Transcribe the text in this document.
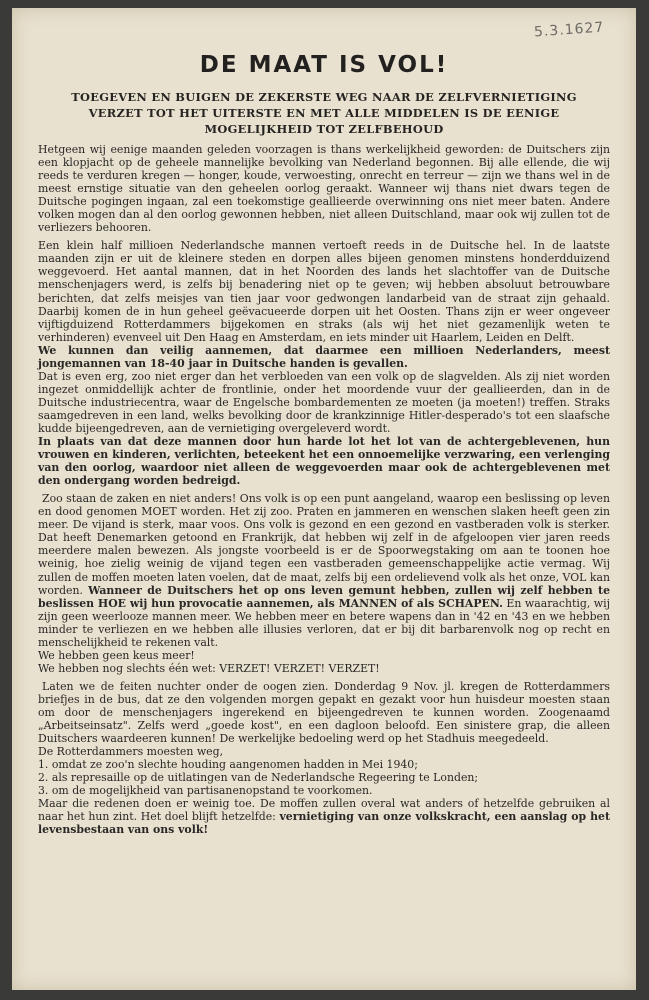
5.3.1627
DE MAAT IS VOL!
TOEGEVEN EN BUIGEN DE ZEKERSTE WEG NAAR DE ZELFVERNIETIGING
VERZET TOT HET UITERSTE EN MET ALLE MIDDELEN IS DE EENIGE
MOGELIJKHEID TOT ZELFBEHOUD

Hetgeen wij eenige maanden geleden voorzagen is thans werkelijkheid geworden: de Duitschers zijn een klopjacht op de geheele mannelijke bevolking van Nederland begonnen. Bij alle ellende, die wij reeds te verduren kregen — honger, koude, verwoesting, onrecht en terreur — zijn we thans wel in de meest ernstige situatie van den geheelen oorlog geraakt. Wanneer wij thans niet dwars tegen de Duitsche pogingen ingaan, zal een toekomstige geallieerde overwinning ons niet meer baten. Andere volken mogen dan al den oorlog gewonnen hebben, niet alleen Duitschland, maar ook wij zullen tot de verliezers behooren.

Een klein half millioen Nederlandsche mannen vertoeft reeds in de Duitsche hel. In de laatste maanden zijn er uit de kleinere steden en dorpen alles bijeen genomen minstens honderdduizend weggevoerd. Het aantal mannen, dat in het Noorden des lands het slachtoffer van de Duitsche menschenjagers werd, is zelfs bij benadering niet op te geven; wij hebben absoluut betrouwbare berichten, dat zelfs meisjes van tien jaar voor gedwongen landarbeid van de straat zijn gehaald. Daarbij komen de in hun geheel geëvacueerde dorpen uit het Oosten. Thans zijn er weer ongeveer vijftigduizend Rotterdammers bijgekomen en straks (als wij het niet gezamenlijk weten te verhinderen) evenveel uit Den Haag en Amsterdam, en iets minder uit Haarlem, Leiden en Delft.

We kunnen dan veilig aannemen, dat daarmee een millioen Nederlanders, meest jongemannen van 18-40 jaar in Duitsche handen is gevallen.

Dat is even erg, zoo niet erger dan het verbloeden van een volk op de slagvelden. Als zij niet worden ingezet onmiddellijk achter de frontlinie, onder het moordende vuur der geallieerden, dan in de Duitsche industriecentra, waar de Engelsche bombardementen ze moeten (ja moeten!) treffen. Straks saamgedreven in een land, welks bevolking door de krankzinnige Hitler-desperado's tot een slaafsche kudde bijeengedreven, aan de vernietiging overgeleverd wordt.

In plaats van dat deze mannen door hun harde lot het lot van de achtergeblevenen, hun vrouwen en kinderen, verlichten, beteekent het een onnoemelijke verzwaring, een verlenging van den oorlog, waardoor niet alleen de weggevoerden maar ook de achtergeblevenen met den ondergang worden bedreigd.

Zoo staan de zaken en niet anders! Ons volk is op een punt aangeland, waarop een beslissing op leven en dood genomen MOET worden. Het zij zoo. Praten en jammeren en wenschen slaken heeft geen zin meer. De vijand is sterk, maar voos. Ons volk is gezond en een gezond en vastberaden volk is sterker. Dat heeft Denemarken getoond en Frankrijk, dat hebben wij zelf in de afgeloopen vier jaren reeds meerdere malen bewezen. Als jongste voorbeeld is er de Spoorwegstaking om aan te toonen hoe weinig, hoe zielig weinig de vijand tegen een vastberaden gemeenschappelijke actie vermag. Wij zullen de moffen moeten laten voelen, dat de maat, zelfs bij een ordelievend volk als het onze, VOL kan worden. Wanneer de Duitschers het op ons leven gemunt hebben, zullen wij zelf hebben te beslissen HOE wij hun provocatie aannemen, als MANNEN of als SCHAPEN. En waarachtig, wij zijn geen weerlooze mannen meer. We hebben meer en betere wapens dan in '42 en '43 en we hebben minder te verliezen en we hebben alle illusies verloren, dat er bij dit barbarenvolk nog op recht en menschelijkheid te rekenen valt.

We hebben geen keus meer!

We hebben nog slechts één wet: VERZET! VERZET! VERZET!

Laten we de feiten nuchter onder de oogen zien. Donderdag 9 Nov. jl. kregen de Rotterdammers briefjes in de bus, dat ze den volgenden morgen gepakt en gezakt voor hun huisdeur moesten staan om door de menschenjagers ingerekend en bijeengedreven te kunnen worden. Zoogenaamd „Arbeitseinsatz". Zelfs werd „goede kost", en een dagloon beloofd. Een sinistere grap, die alleen Duitschers waardeeren kunnen! De werkelijke bedoeling werd op het Stadhuis meegedeeld.

De Rotterdammers moesten weg,

1. omdat ze zoo'n slechte houding aangenomen hadden in Mei 1940;

2. als represaille op de uitlatingen van de Nederlandsche Regeering te Londen;

3. om de mogelijkheid van partisanenopstand te voorkomen.

Maar die redenen doen er weinig toe. De moffen zullen overal wat anders of hetzelfde gebruiken al naar het hun zint. Het doel blijft hetzelfde: vernietiging van onze volkskracht, een aanslag op het levensbestaan van ons volk!
